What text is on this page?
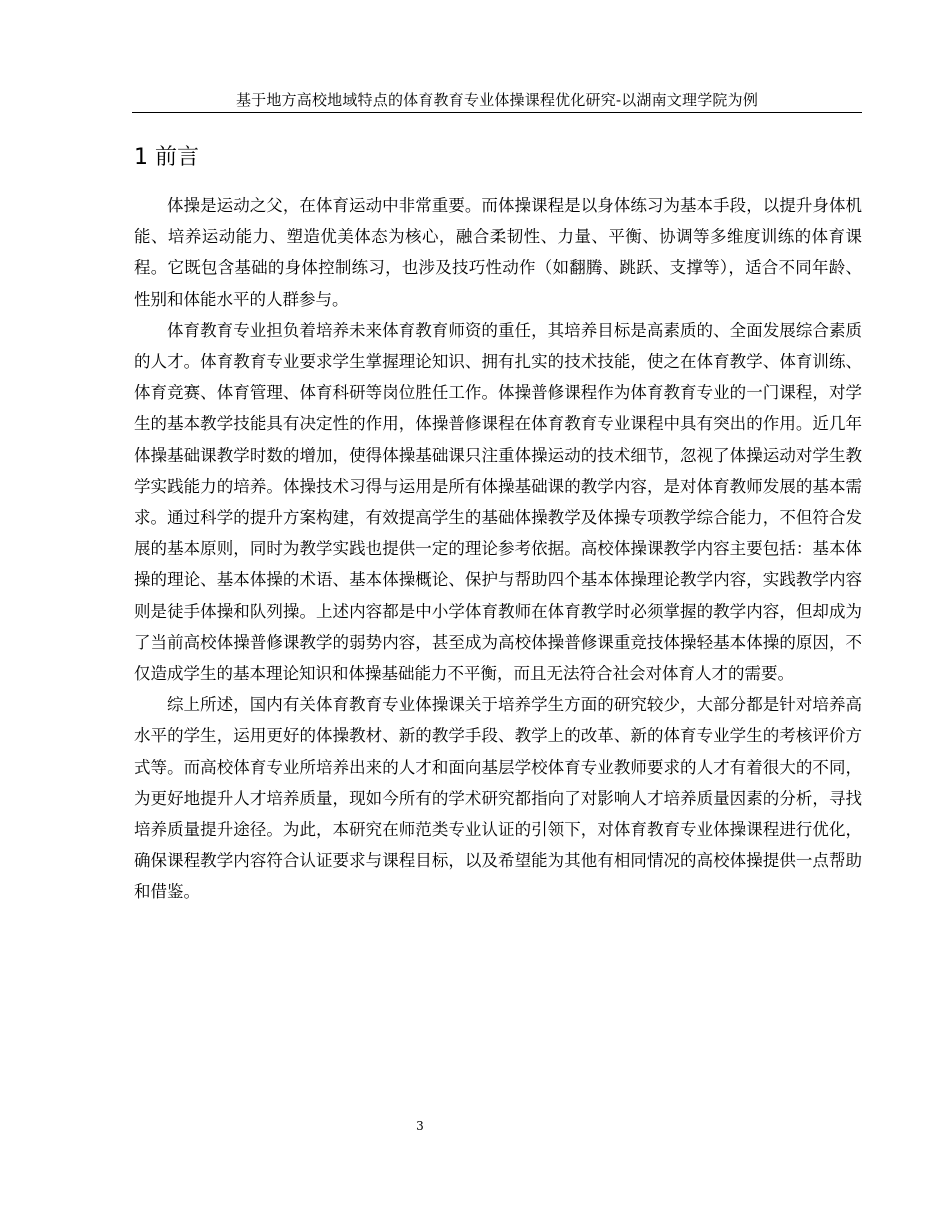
基于地方高校地域特点的体育教育专业体操课程优化研究-以湖南文理学院为例
1 前言

体操是运动之父，在体育运动中非常重要。而体操课程是以身体练习为基本手段，以提升身体机能、培养运动能力、塑造优美体态为核心，融合柔韧性、力量、平衡、协调等多维度训练的体育课程。它既包含基础的身体控制练习，也涉及技巧性动作（如翻腾、跳跃、支撑等），适合不同年龄、性别和体能水平的人群参与。

体育教育专业担负着培养未来体育教育师资的重任，其培养目标是高素质的、全面发展综合素质的人才。体育教育专业要求学生掌握理论知识、拥有扎实的技术技能，使之在体育教学、体育训练、体育竞赛、体育管理、体育科研等岗位胜任工作。体操普修课程作为体育教育专业的一门课程，对学生的基本教学技能具有决定性的作用，体操普修课程在体育教育专业课程中具有突出的作用。近几年体操基础课教学时数的增加，使得体操基础课只注重体操运动的技术细节，忽视了体操运动对学生教学实践能力的培养。体操技术习得与运用是所有体操基础课的教学内容，是对体育教师发展的基本需求。通过科学的提升方案构建，有效提高学生的基础体操教学及体操专项教学综合能力，不但符合发展的基本原则，同时为教学实践也提供一定的理论参考依据。高校体操课教学内容主要包括：基本体操的理论、基本体操的术语、基本体操概论、保护与帮助四个基本体操理论教学内容，实践教学内容则是徒手体操和队列操。上述内容都是中小学体育教师在体育教学时必须掌握的教学内容，但却成为了当前高校体操普修课教学的弱势内容，甚至成为高校体操普修课重竞技体操轻基本体操的原因，不仅造成学生的基本理论知识和体操基础能力不平衡，而且无法符合社会对体育人才的需要。

综上所述，国内有关体育教育专业体操课关于培养学生方面的研究较少，大部分都是针对培养高水平的学生，运用更好的体操教材、新的教学手段、教学上的改革、新的体育专业学生的考核评价方式等。而高校体育专业所培养出来的人才和面向基层学校体育专业教师要求的人才有着很大的不同，为更好地提升人才培养质量，现如今所有的学术研究都指向了对影响人才培养质量因素的分析，寻找培养质量提升途径。为此，本研究在师范类专业认证的引领下，对体育教育专业体操课程进行优化，确保课程教学内容符合认证要求与课程目标，以及希望能为其他有相同情况的高校体操提供一点帮助和借鉴。

3
